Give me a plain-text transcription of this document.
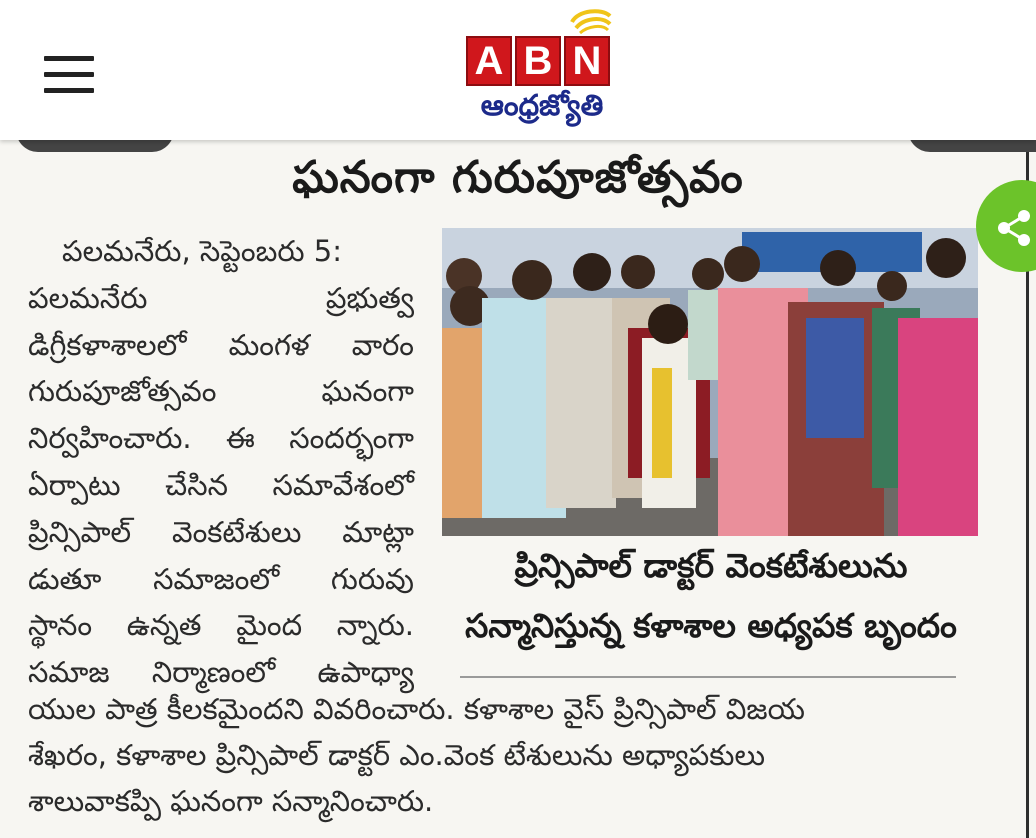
A B N
ఆంధ్రజ్యోతి
ఘనంగా గురుపూజోత్సవం
పలమనేరు, సెప్టెంబరు 5:
పలమనేరు ప్రభుత్వ
డిగ్రీకళాశాలలో మంగళ వారం
గురుపూజోత్సవం ఘనంగా
నిర్వహించారు. ఈ సందర్భంగా
ఏర్పాటు చేసిన సమావేశంలో
ప్రిన్సిపాల్ వెంకటేశులు మాట్లా
డుతూ సమాజంలో గురువు
స్థానం ఉన్నత మైంద న్నారు.
సమాజ నిర్మాణంలో ఉపాధ్యా
ప్రిన్సిపాల్ డాక్టర్ వెంకటేశులును
సన్మానిస్తున్న కళాశాల అధ్యపక బృందం
యుల పాత్ర కీలకమైందని వివరించారు. కళాశాల వైస్ ప్రిన్సిపాల్ విజయ
శేఖరం, కళాశాల ప్రిన్సిపాల్ డాక్టర్ ఎం.వెంక టేశులును అధ్యాపకులు
శాలువాకప్పి ఘనంగా సన్మానించారు.
